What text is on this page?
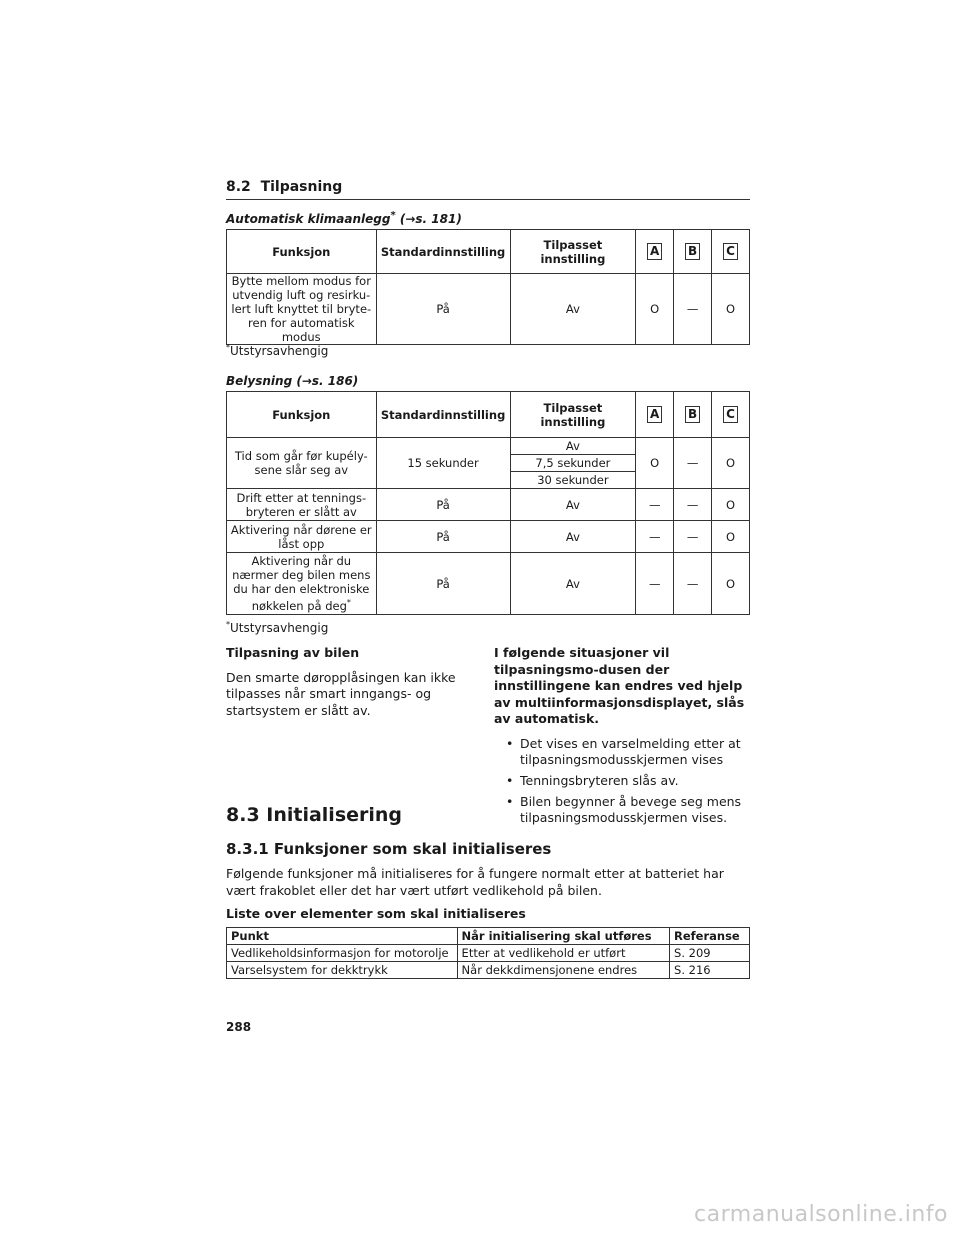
8.2 Tilpasning
Automatisk klimaanlegg* (→s. 181)
Funksjon	Standardinnstilling	Tilpasset innstilling	A	B	C
Bytte mellom modus for utvendig luft og resirku-lert luft knyttet til bryte-ren for automatisk modus	På	Av	O	—	O
*Utstyrsavhengig
Belysning (→s. 186)
Funksjon	Standardinnstilling	Tilpasset innstilling	A	B	C
Tid som går før kupély-sene slår seg av	15 sekunder	Av	O	—	O
		7,5 sekunder			
		30 sekunder			
Drift etter at tennings-bryteren er slått av	På	Av	—	—	O
Aktivering når dørene er låst opp	På	Av	—	—	O
Aktivering når du nærmer deg bilen mens du har den elektroniske nøkkelen på deg*	På	Av	—	—	O
*Utstyrsavhengig
Tilpasning av bilen
Den smarte døropplåsingen kan ikke tilpasses når smart inngangs- og startsystem er slått av.
I følgende situasjoner vil tilpasningsmo-dusen der innstillingene kan endres ved hjelp av multiinformasjonsdisplayet, slås av automatisk.
• Det vises en varselmelding etter at tilpasningsmodusskjermen vises
• Tenningsbryteren slås av.
• Bilen begynner å bevege seg mens tilpasningsmodusskjermen vises.
8.3 Initialisering
8.3.1 Funksjoner som skal initialiseres
Følgende funksjoner må initialiseres for å fungere normalt etter at batteriet har vært frakoblet eller det har vært utført vedlikehold på bilen.
Liste over elementer som skal initialiseres
Punkt	Når initialisering skal utføres	Referanse
Vedlikeholdsinformasjon for motorolje	Etter at vedlikehold er utført	S. 209
Varselsystem for dekktrykk	Når dekkdimensjonene endres	S. 216
288
carmanualsonline.info
